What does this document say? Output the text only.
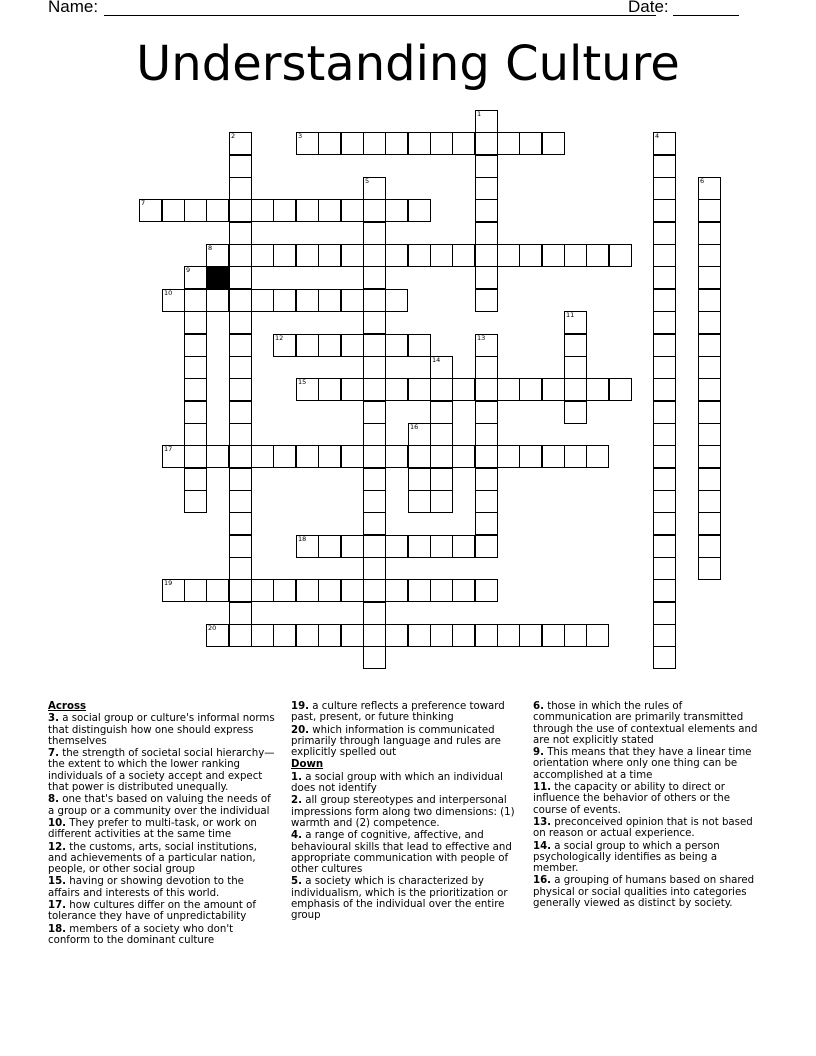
Name:	Date:
Understanding Culture
1
2	3	4
5	6
7
8
9
10
11
12	13
14
15
16
17
18
19
20

Across

3. a social group or culture's informal norms that distinguish how one should express themselves

7. the strength of societal social hierarchy—the extent to which the lower ranking individuals of a society accept and expect that power is distributed unequally.

8. one that's based on valuing the needs of a group or a community over the individual

10. They prefer to multi-task, or work on different activities at the same time

12. the customs, arts, social institutions, and achievements of a particular nation, people, or other social group

15. having or showing devotion to the affairs and interests of this world.

17. how cultures differ on the amount of tolerance they have of unpredictability

18. members of a society who don't conform to the dominant culture

19. a culture reflects a preference toward past, present, or future thinking

20. which information is communicated primarily through language and rules are explicitly spelled out

Down

1. a social group with which an individual does not identify

2. all group stereotypes and interpersonal impressions form along two dimensions: (1) warmth and (2) competence.

4. a range of cognitive, affective, and behavioural skills that lead to effective and appropriate communication with people of other cultures

5. a society which is characterized by individualism, which is the prioritization or emphasis of the individual over the entire group

6. those in which the rules of communication are primarily transmitted through the use of contextual elements and are not explicitly stated

9. This means that they have a linear time orientation where only one thing can be accomplished at a time

11. the capacity or ability to direct or influence the behavior of others or the course of events.

13. preconceived opinion that is not based on reason or actual experience.

14. a social group to which a person psychologically identifies as being a member.

16. a grouping of humans based on shared physical or social qualities into categories generally viewed as distinct by society.
